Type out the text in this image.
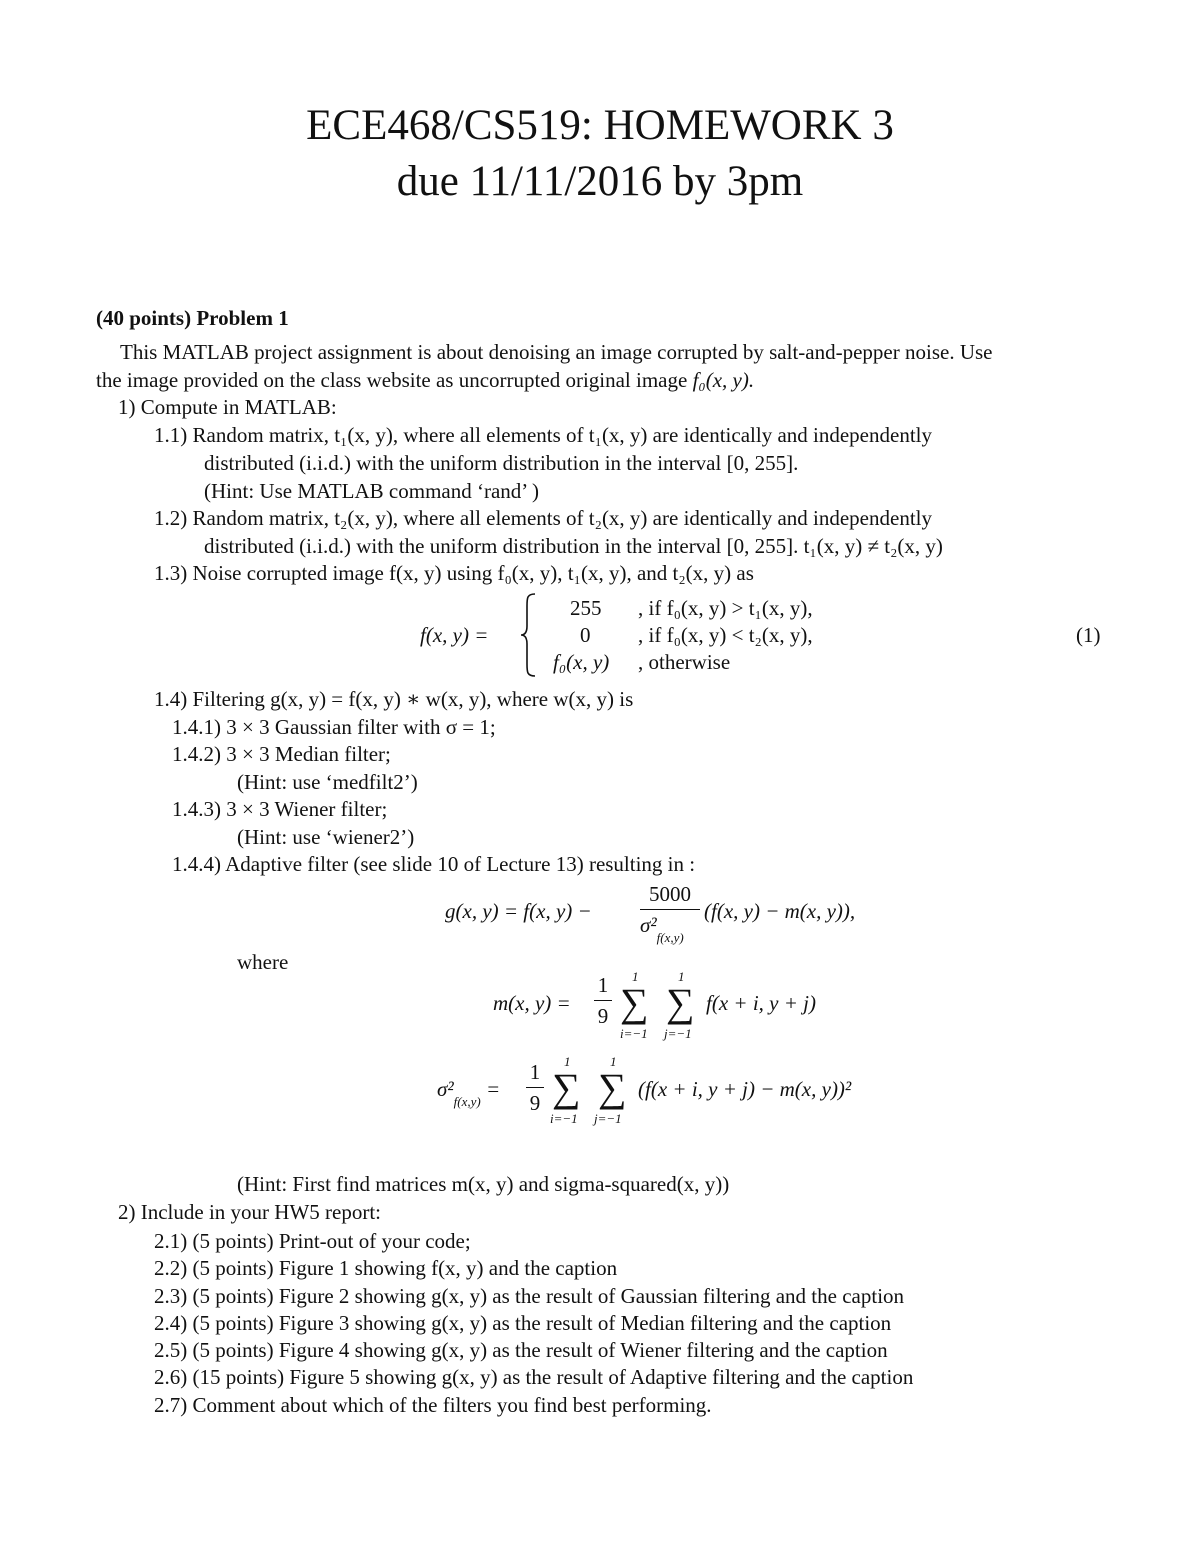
ECE468/CS519: HOMEWORK 3
due 11/11/2016 by 3pm
(40 points) Problem 1
This MATLAB project assignment is about denoising an image corrupted by salt-and-pepper noise. Use
the image provided on the class website as uncorrupted original image f₀(x, y).
1) Compute in MATLAB:
1.1) Random matrix, t₁(x, y), where all elements of t₁(x, y) are identically and independently
distributed (i.i.d.) with the uniform distribution in the interval [0, 255].
(Hint: Use MATLAB command ‘rand’ )
1.2) Random matrix, t₂(x, y), where all elements of t₂(x, y) are identically and independently
distributed (i.i.d.) with the uniform distribution in the interval [0, 255]. t₁(x, y) ≠ t₂(x, y)
1.3) Noise corrupted image f(x, y) using f₀(x, y), t₁(x, y), and t₂(x, y) as
f(x, y) =
255 , if f₀(x, y) > t₁(x, y),
0 , if f₀(x, y) < t₂(x, y),
f₀(x, y) , otherwise
(1)
1.4) Filtering g(x, y) = f(x, y) ∗ w(x, y), where w(x, y) is
1.4.1) 3 × 3 Gaussian filter with σ = 1;
1.4.2) 3 × 3 Median filter;
(Hint: use ‘medfilt2’)
1.4.3) 3 × 3 Wiener filter;
(Hint: use ‘wiener2’)
1.4.4) Adaptive filter (see slide 10 of Lecture 13) resulting in :
g(x, y) = f(x, y) −
5000
$\sigma^2_{f(x,y)}$
(f(x, y) − m(x, y)),
where
m(x, y) =
1
9
1
∑
i=−1
1
∑
j=−1
f(x + i, y + j)
$\sigma^2_{f(x,y)}$ =
1
9
1
∑
i=−1
1
∑
j=−1
(f(x + i, y + j) − m(x, y))²
(Hint: First find matrices m(x, y) and sigma-squared(x, y))
2) Include in your HW5 report:
2.1) (5 points) Print-out of your code;
2.2) (5 points) Figure 1 showing f(x, y) and the caption
2.3) (5 points) Figure 2 showing g(x, y) as the result of Gaussian filtering and the caption
2.4) (5 points) Figure 3 showing g(x, y) as the result of Median filtering and the caption
2.5) (5 points) Figure 4 showing g(x, y) as the result of Wiener filtering and the caption
2.6) (15 points) Figure 5 showing g(x, y) as the result of Adaptive filtering and the caption
2.7) Comment about which of the filters you find best performing.
